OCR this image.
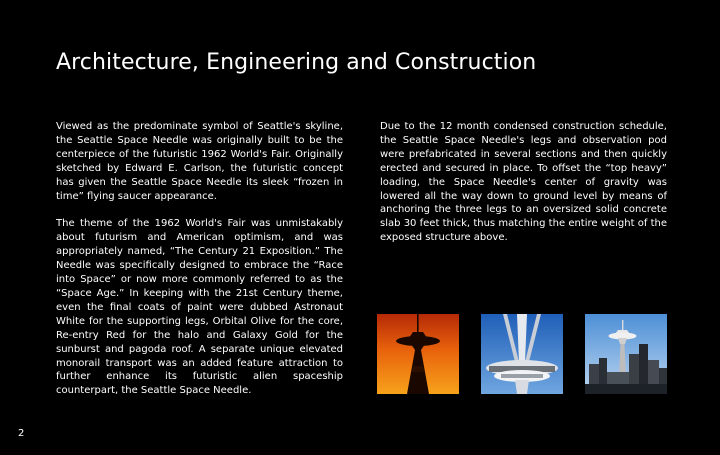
Architecture, Engineering and Construction

Viewed as the predominate symbol of Seattle's skyline, the Seattle Space Needle was originally built to be the centerpiece of the futuristic 1962 World's Fair. Originally sketched by Edward E. Carlson, the futuristic concept has given the Seattle Space Needle its sleek “frozen in time” flying saucer appearance.

The theme of the 1962 World's Fair was unmistakably about futurism and American optimism, and was appropriately named, “The Century 21 Exposition.” The Needle was specifically designed to embrace the “Race into Space” or now more commonly referred to as the “Space Age.” In keeping with the 21st Century theme, even the final coats of paint were dubbed Astronaut White for the supporting legs, Orbital Olive for the core, Re-entry Red for the halo and Galaxy Gold for the sunburst and pagoda roof. A separate unique elevated monorail transport was an added feature attraction to further enhance its futuristic alien spaceship counterpart, the Seattle Space Needle.

Due to the 12 month condensed construction schedule, the Seattle Space Needle's legs and observation pod were prefabricated in several sections and then quickly erected and secured in place. To offset the “top heavy” loading, the Space Needle's center of gravity was lowered all the way down to ground level by means of anchoring the three legs to an oversized solid concrete slab 30 feet thick, thus matching the entire weight of the exposed structure above.

2
